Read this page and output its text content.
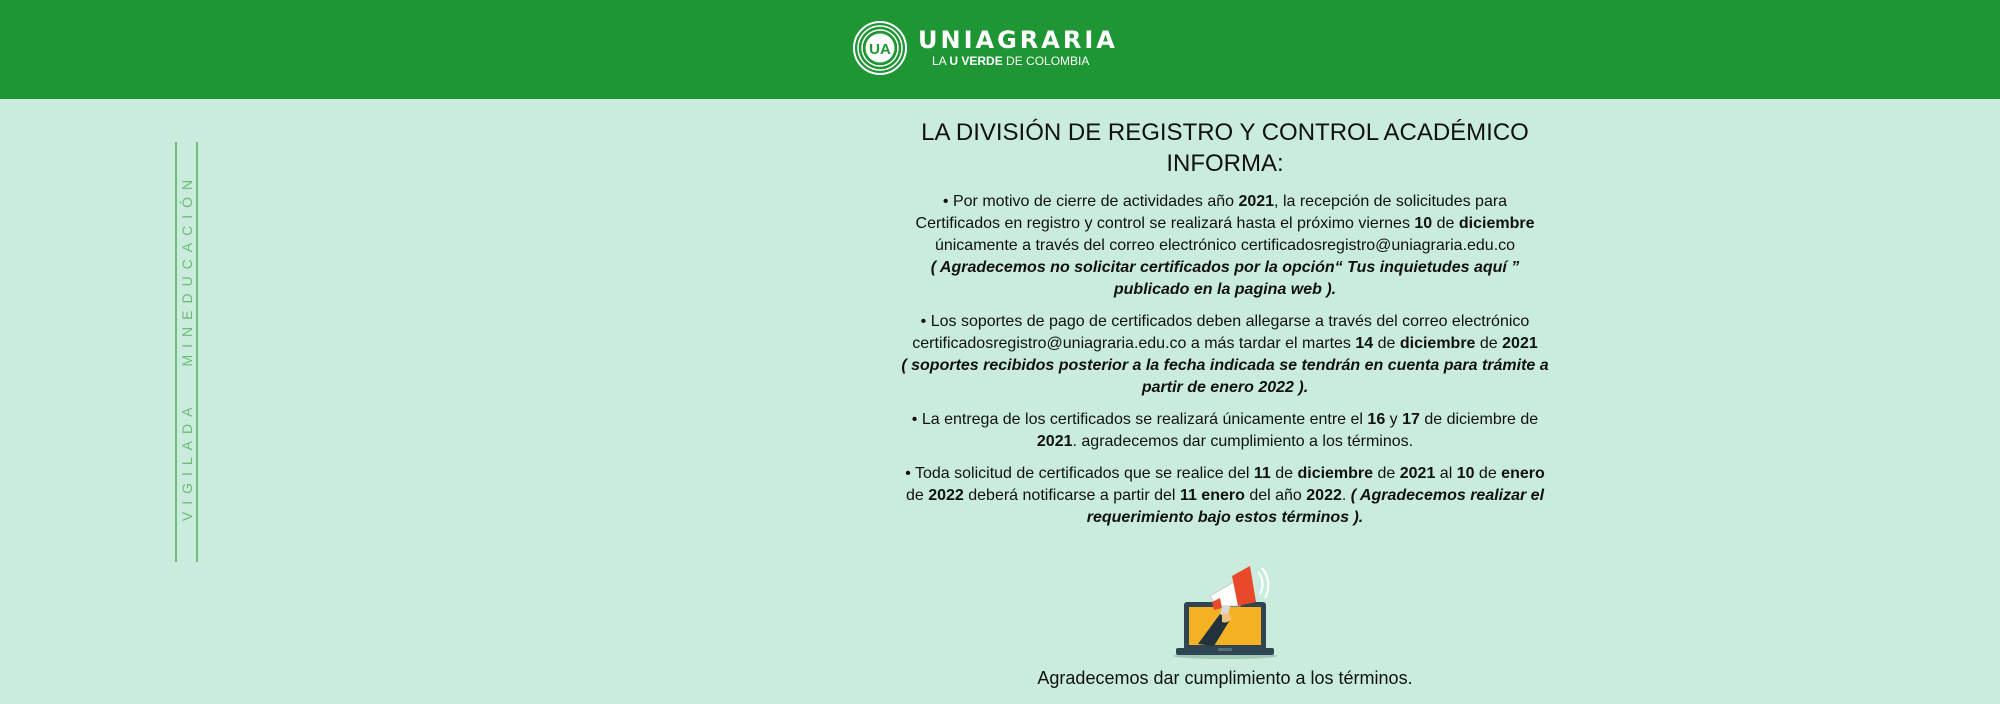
UA UNIAGRARIA
LA U VERDE DE COLOMBIA
VIGILADAMINEDUCACIÓN
LA DIVISIÓN DE REGISTRO Y CONTROL ACADÉMICO
INFORMA:

• Por motivo de cierre de actividades año 2021, la recepción de solicitudes para Certificados en registro y control se realizará hasta el próximo viernes 10 de diciembre únicamente a través del correo electrónico certificadosregistro@uniagraria.edu.co
( Agradecemos no solicitar certificados por la opción“ Tus inquietudes aquí ” publicado en la pagina web ).

• Los soportes de pago de certificados deben allegarse a través del correo electrónico certificadosregistro@uniagraria.edu.co a más tardar el martes 14 de diciembre de 2021
( soportes recibidos posterior a la fecha indicada se tendrán en cuenta para trámite a partir de enero 2022 ).

• La entrega de los certificados se realizará únicamente entre el 16 y 17 de diciembre de 2021. agradecemos dar cumplimiento a los términos.

• Toda solicitud de certificados que se realice del 11 de diciembre de 2021 al 10 de enero de 2022 deberá notificarse a partir del 11 enero del año 2022. ( Agradecemos realizar el requerimiento bajo estos términos ).

Agradecemos dar cumplimiento a los términos.
